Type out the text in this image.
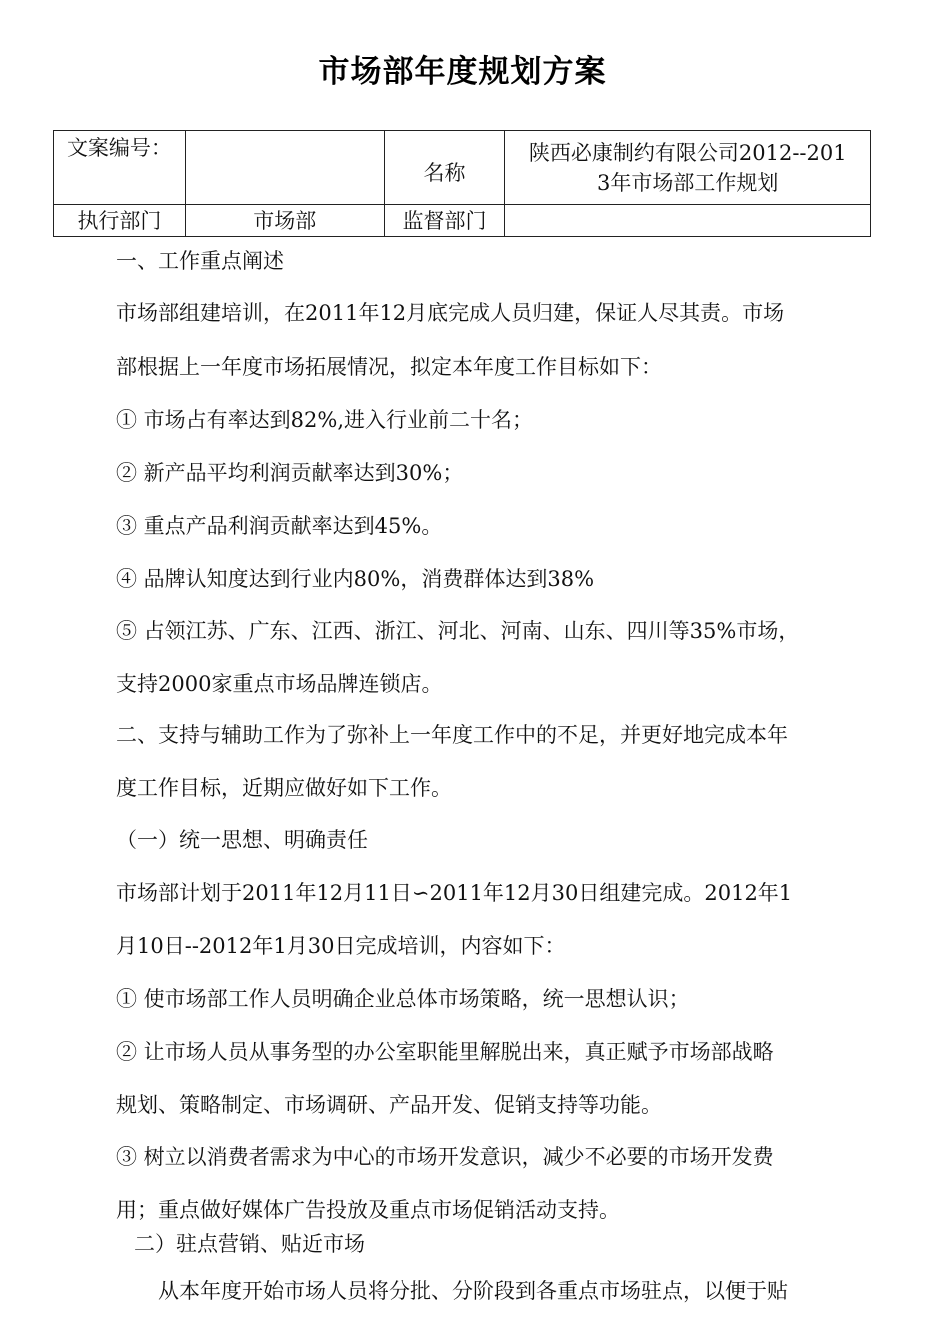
市场部年度规划方案
文案编号：		名称	陕西必康制约有限公司2012--201
3年市场部工作规划

执行部门	市场部	监督部门	
一、工作重点阐述
市场部组建培训，在2011年12月底完成人员归建，保证人尽其责。市场
部根据上一年度市场拓展情况，拟定本年度工作目标如下：
① 市场占有率达到82%,进入行业前二十名；
② 新产品平均利润贡献率达到30%；
③ 重点产品利润贡献率达到45%。
④ 品牌认知度达到行业内80%，消费群体达到38%
⑤ 占领江苏、广东、江西、浙江、河北、河南、山东、四川等35%市场，
支持2000家重点市场品牌连锁店。
二、支持与辅助工作为了弥补上一年度工作中的不足，并更好地完成本年
度工作目标，近期应做好如下工作。
（一）统一思想、明确责任
市场部计划于2011年12月11日∽2011年12月30日组建完成。2012年1
月10日--2012年1月30日完成培训，内容如下：
① 使市场部工作人员明确企业总体市场策略，统一思想认识；
② 让市场人员从事务型的办公室职能里解脱出来，真正赋予市场部战略
规划、策略制定、市场调研、产品开发、促销支持等功能。
③ 树立以消费者需求为中心的市场开发意识，减少不必要的市场开发费
用；重点做好媒体广告投放及重点市场促销活动支持。
二）驻点营销、贴近市场
从本年度开始市场人员将分批、分阶段到各重点市场驻点，以便于贴
